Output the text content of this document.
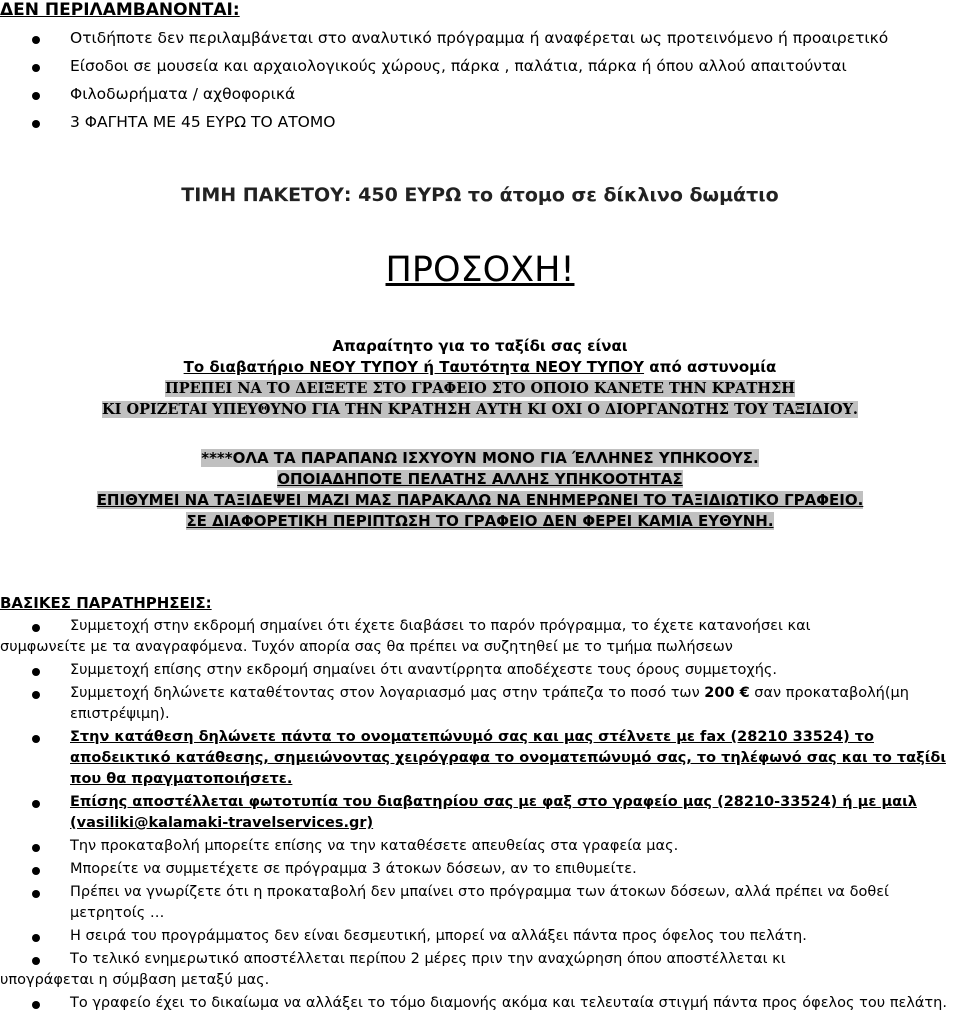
ΔΕΝ ΠΕΡΙΛΑΜΒΑΝΟΝΤΑΙ:
Οτιδήποτε δεν περιλαμβάνεται στο αναλυτικό πρόγραμμα ή αναφέρεται ως προτεινόμενο ή προαιρετικό
Είσοδοι σε μουσεία και αρχαιολογικούς χώρους, πάρκα , παλάτια, πάρκα ή όπου αλλού απαιτούνται
Φιλοδωρήματα / αχθοφορικά
3 ΦΑΓΗΤΑ ΜΕ 45 ΕΥΡΩ ΤΟ ΑΤΟΜΟ
ΤΙΜΗ ΠΑΚΕΤΟΥ: 450 ΕΥΡΩ το άτομο σε δίκλινο δωμάτιο
ΠΡΟΣΟΧΗ!
Απαραίτητο για το ταξίδι σας είναι
Το διαβατήριο ΝΕΟΥ ΤΥΠΟΥ ή Ταυτότητα ΝΕΟΥ ΤΥΠΟΥ από αστυνομία
ΠΡΕΠΕΙ ΝΑ ΤΟ ΔΕΙΞΕΤΕ ΣΤΟ ΓΡΑΦΕΙΟ ΣΤΟ ΟΠΟΙΟ ΚΑΝΕΤΕ ΤΗΝ ΚΡΑΤΗΣΗ
ΚΙ ΟΡΙΖΕΤΑΙ ΥΠΕΥΘΥΝΟ ΓΙΑ ΤΗΝ ΚΡΑΤΗΣΗ ΑΥΤΗ ΚΙ ΟΧΙ Ο ΔΙΟΡΓΑΝΩΤΗΣ ΤΟΥ ΤΑΞΙΔΙΟΥ.
****ΟΛΑ ΤΑ ΠΑΡΑΠΑΝΩ ΙΣΧΥΟΥΝ ΜΟΝΟ ΓΙΑ ΈΛΛΗΝΕΣ ΥΠΗΚΟΟΥΣ.
ΟΠΟΙΑΔΗΠΟΤΕ ΠΕΛΑΤΗΣ ΑΛΛΗΣ ΥΠΗΚΟΟΤΗΤΑΣ
ΕΠΙΘΥΜΕΙ ΝΑ ΤΑΞΙΔΕΨΕΙ ΜΑΖΙ ΜΑΣ ΠΑΡΑΚΑΛΩ ΝΑ ΕΝΗΜΕΡΩΝΕΙ ΤΟ ΤΑΞΙΔΙΩΤΙΚΟ ΓΡΑΦΕΙΟ.
ΣΕ ΔΙΑΦΟΡΕΤΙΚΗ ΠΕΡΙΠΤΩΣΗ ΤΟ ΓΡΑΦΕΙΟ ΔΕΝ ΦΕΡΕΙ ΚΑΜΙΑ ΕΥΘΥΝΗ.
ΒΑΣΙΚΕΣ ΠΑΡΑΤΗΡΗΣΕΙΣ:
Συμμετοχή στην εκδρομή σημαίνει ότι έχετε διαβάσει το παρόν πρόγραμμα, το έχετε κατανοήσει και
συμφωνείτε με τα αναγραφόμενα. Τυχόν απορία σας θα πρέπει να συζητηθεί με το τμήμα πωλήσεων
Συμμετοχή επίσης στην εκδρομή σημαίνει ότι αναντίρρητα αποδέχεστε τους όρους συμμετοχής.
Συμμετοχή δηλώνετε καταθέτοντας στον λογαριασμό μας στην τράπεζα το ποσό των 200 € σαν προκαταβολή(μη επιστρέψιμη).
Στην κατάθεση δηλώνετε πάντα το ονοματεπώνυμό σας και μας στέλνετε με fax (28210 33524) το αποδεικτικό κατάθεσης, σημειώνοντας χειρόγραφα το ονοματεπώνυμό σας, το τηλέφωνό σας και το ταξίδι που θα πραγματοποιήσετε.
Επίσης αποστέλλεται φωτοτυπία του διαβατηρίου σας με φαξ στο γραφείο μας (28210-33524) ή με μαιλ (vasiliki@kalamaki-travelservices.gr)
Την προκαταβολή μπορείτε επίσης να την καταθέσετε απευθείας στα γραφεία μας.
Μπορείτε να συμμετέχετε σε πρόγραμμα 3 άτοκων δόσεων, αν το επιθυμείτε.
Πρέπει να γνωρίζετε ότι η προκαταβολή δεν μπαίνει στο πρόγραμμα των άτοκων δόσεων, αλλά πρέπει να δοθεί μετρητοίς …
Η σειρά του προγράμματος δεν είναι δεσμευτική, μπορεί να αλλάξει πάντα προς όφελος του πελάτη.
Το τελικό ενημερωτικό αποστέλλεται περίπου 2 μέρες πριν την αναχώρηση όπου αποστέλλεται κι
υπογράφεται η σύμβαση μεταξύ μας.
Το γραφείο έχει το δικαίωμα να αλλάξει το τόμο διαμονής ακόμα και τελευταία στιγμή πάντα προς όφελος του πελάτη.
